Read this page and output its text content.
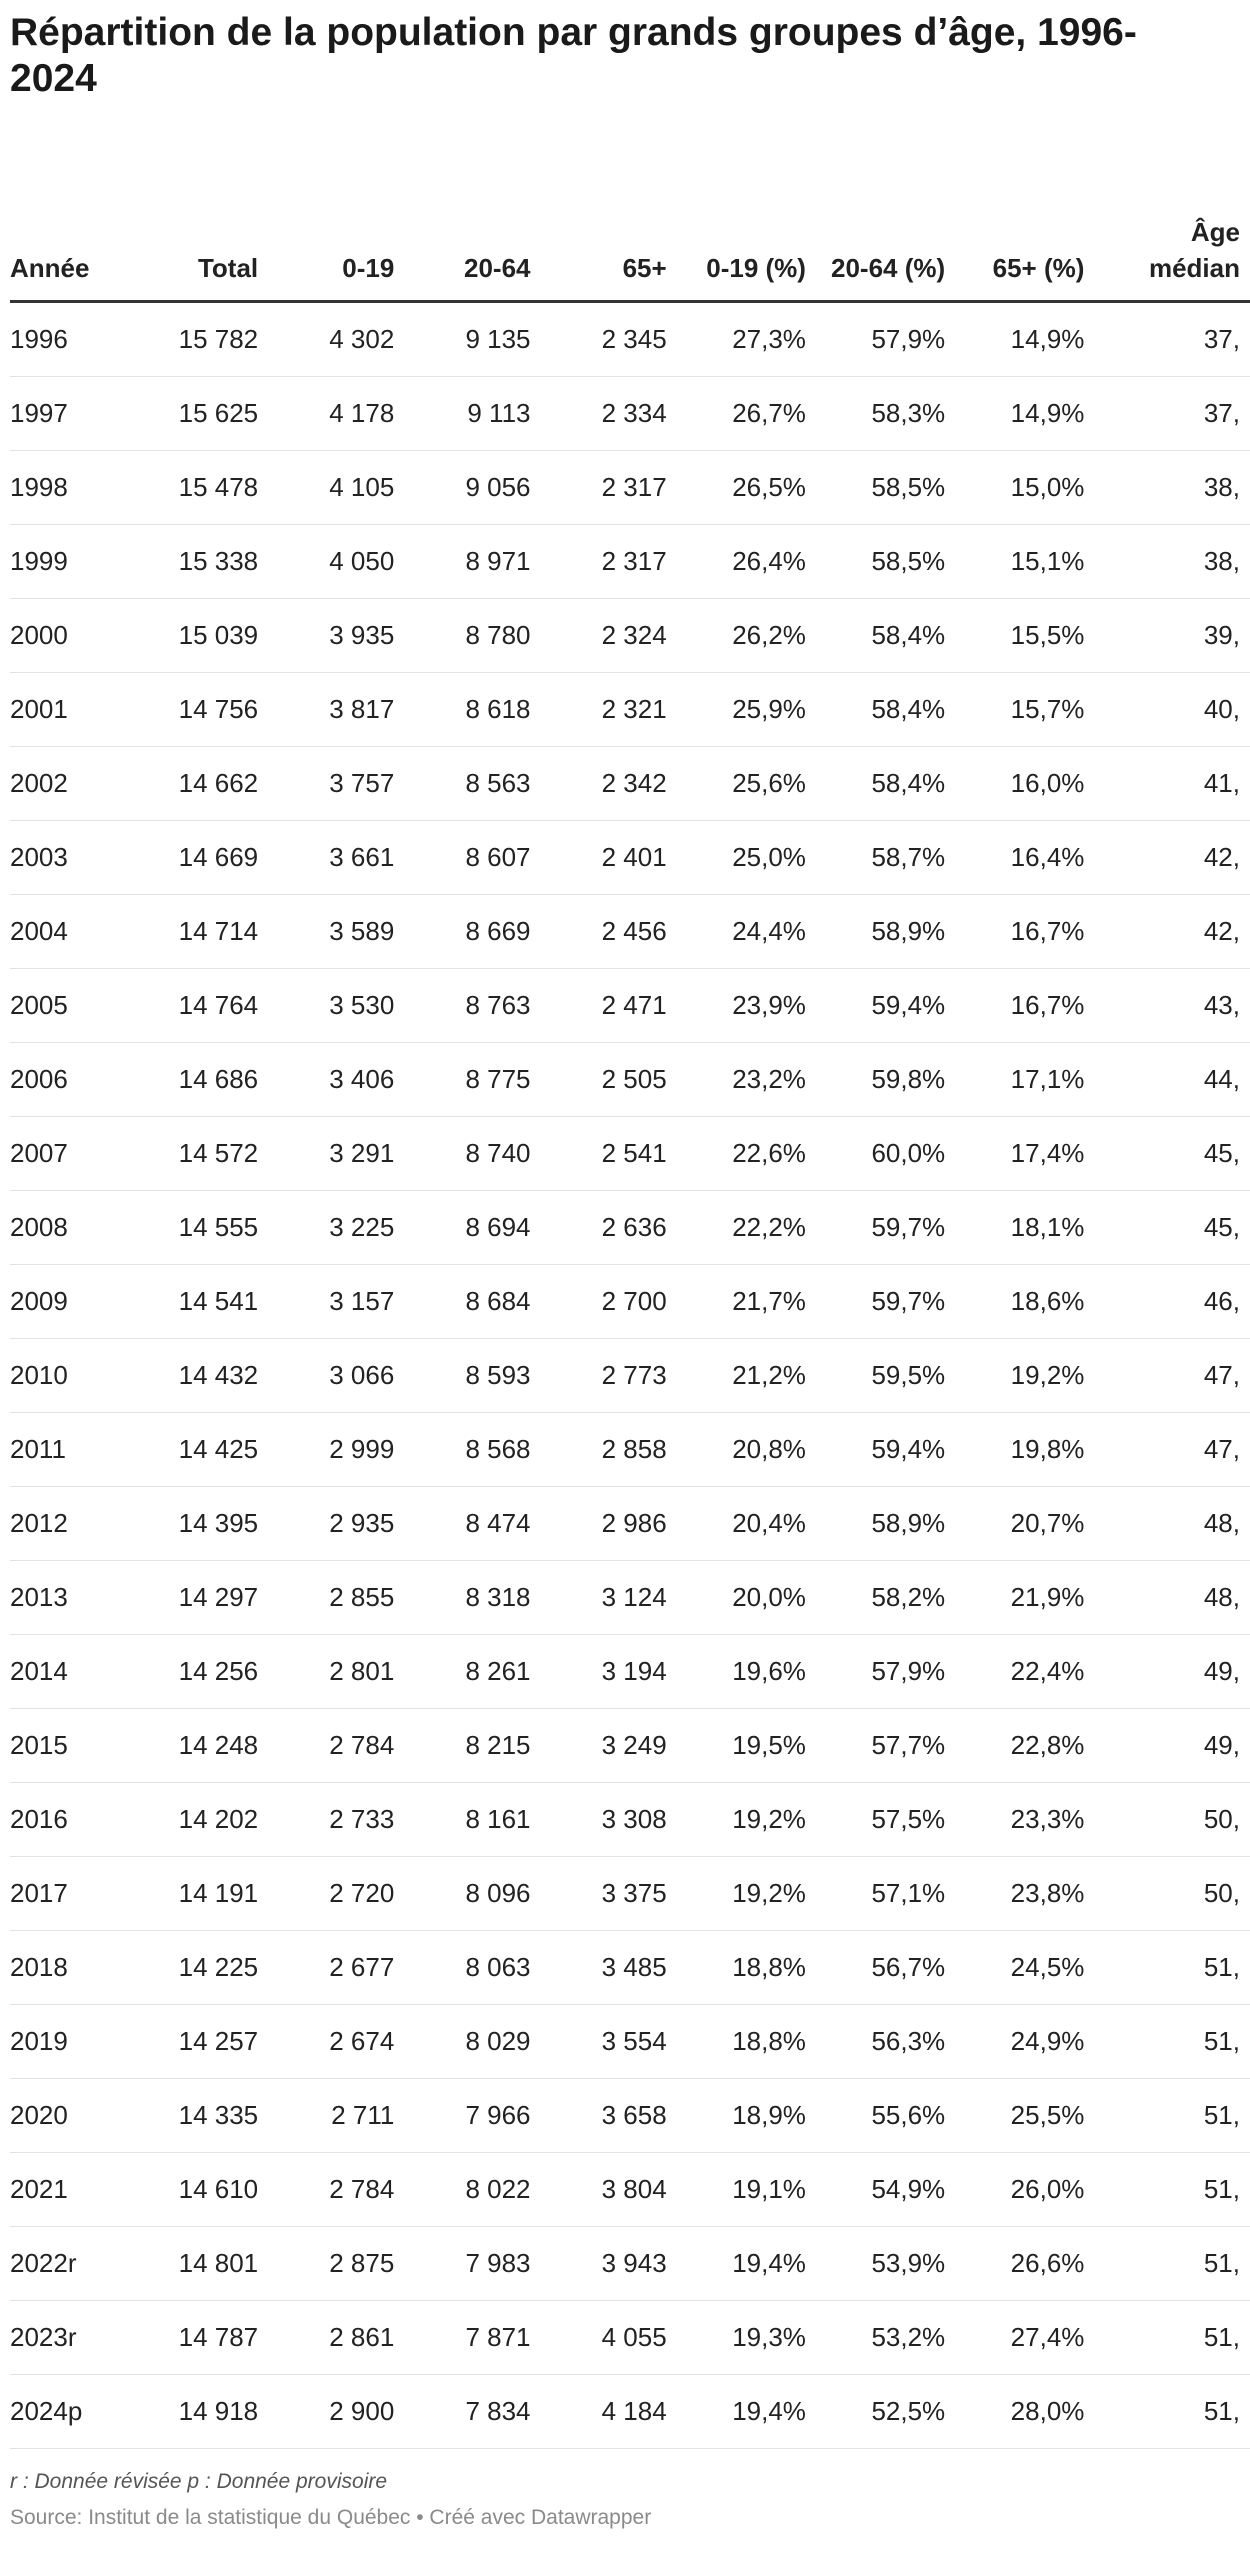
Répartition de la population par grands groupes d’âge, 1996-2024
Année	Total	0-19	20-64	65+	0-19 (%)	20-64 (%)	65+ (%)	Âge médian
1996	15 782	4 302	9 135	2 345	27,3%	57,9%	14,9%	37,
1997	15 625	4 178	9 113	2 334	26,7%	58,3%	14,9%	37,
1998	15 478	4 105	9 056	2 317	26,5%	58,5%	15,0%	38,
1999	15 338	4 050	8 971	2 317	26,4%	58,5%	15,1%	38,
2000	15 039	3 935	8 780	2 324	26,2%	58,4%	15,5%	39,
2001	14 756	3 817	8 618	2 321	25,9%	58,4%	15,7%	40,
2002	14 662	3 757	8 563	2 342	25,6%	58,4%	16,0%	41,
2003	14 669	3 661	8 607	2 401	25,0%	58,7%	16,4%	42,
2004	14 714	3 589	8 669	2 456	24,4%	58,9%	16,7%	42,
2005	14 764	3 530	8 763	2 471	23,9%	59,4%	16,7%	43,
2006	14 686	3 406	8 775	2 505	23,2%	59,8%	17,1%	44,
2007	14 572	3 291	8 740	2 541	22,6%	60,0%	17,4%	45,
2008	14 555	3 225	8 694	2 636	22,2%	59,7%	18,1%	45,
2009	14 541	3 157	8 684	2 700	21,7%	59,7%	18,6%	46,
2010	14 432	3 066	8 593	2 773	21,2%	59,5%	19,2%	47,
2011	14 425	2 999	8 568	2 858	20,8%	59,4%	19,8%	47,
2012	14 395	2 935	8 474	2 986	20,4%	58,9%	20,7%	48,
2013	14 297	2 855	8 318	3 124	20,0%	58,2%	21,9%	48,
2014	14 256	2 801	8 261	3 194	19,6%	57,9%	22,4%	49,
2015	14 248	2 784	8 215	3 249	19,5%	57,7%	22,8%	49,
2016	14 202	2 733	8 161	3 308	19,2%	57,5%	23,3%	50,
2017	14 191	2 720	8 096	3 375	19,2%	57,1%	23,8%	50,
2018	14 225	2 677	8 063	3 485	18,8%	56,7%	24,5%	51,
2019	14 257	2 674	8 029	3 554	18,8%	56,3%	24,9%	51,
2020	14 335	2 711	7 966	3 658	18,9%	55,6%	25,5%	51,
2021	14 610	2 784	8 022	3 804	19,1%	54,9%	26,0%	51,
2022r	14 801	2 875	7 983	3 943	19,4%	53,9%	26,6%	51,
2023r	14 787	2 861	7 871	4 055	19,3%	53,2%	27,4%	51,
2024p	14 918	2 900	7 834	4 184	19,4%	52,5%	28,0%	51,
r : Donnée révisée p : Donnée provisoire
Source: Institut de la statistique du Québec • Créé avec Datawrapper
